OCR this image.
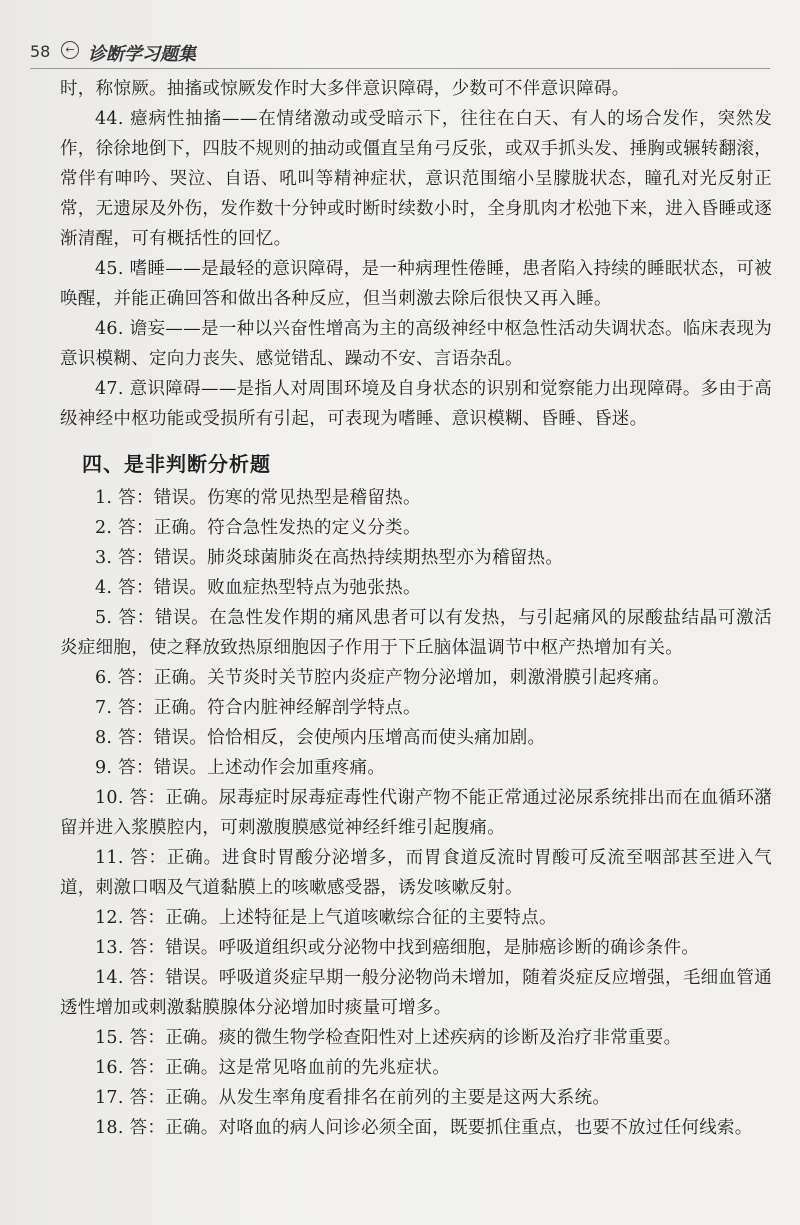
58	← 诊断学习题集

时，称惊厥。抽搐或惊厥发作时大多伴意识障碍，少数可不伴意识障碍。

44. 癔病性抽搐——在情绪激动或受暗示下，往往在白天、有人的场合发作，突然发作，徐徐地倒下，四肢不规则的抽动或僵直呈角弓反张，或双手抓头发、捶胸或辗转翻滚，常伴有呻吟、哭泣、自语、吼叫等精神症状，意识范围缩小呈朦胧状态，瞳孔对光反射正常，无遗尿及外伤，发作数十分钟或时断时续数小时，全身肌肉才松弛下来，进入昏睡或逐渐清醒，可有概括性的回忆。

45. 嗜睡——是最轻的意识障碍，是一种病理性倦睡，患者陷入持续的睡眠状态，可被唤醒，并能正确回答和做出各种反应，但当刺激去除后很快又再入睡。

46. 谵妄——是一种以兴奋性增高为主的高级神经中枢急性活动失调状态。临床表现为意识模糊、定向力丧失、感觉错乱、躁动不安、言语杂乱。

47. 意识障碍——是指人对周围环境及自身状态的识别和觉察能力出现障碍。多由于高级神经中枢功能或受损所有引起，可表现为嗜睡、意识模糊、昏睡、昏迷。

四、是非判断分析题

1. 答：错误。伤寒的常见热型是稽留热。

2. 答：正确。符合急性发热的定义分类。

3. 答：错误。肺炎球菌肺炎在高热持续期热型亦为稽留热。

4. 答：错误。败血症热型特点为弛张热。

5. 答：错误。在急性发作期的痛风患者可以有发热，与引起痛风的尿酸盐结晶可激活炎症细胞，使之释放致热原细胞因子作用于下丘脑体温调节中枢产热增加有关。

6. 答：正确。关节炎时关节腔内炎症产物分泌增加，刺激滑膜引起疼痛。

7. 答：正确。符合内脏神经解剖学特点。

8. 答：错误。恰恰相反，会使颅内压增高而使头痛加剧。

9. 答：错误。上述动作会加重疼痛。

10. 答：正确。尿毒症时尿毒症毒性代谢产物不能正常通过泌尿系统排出而在血循环潴留并进入浆膜腔内，可刺激腹膜感觉神经纤维引起腹痛。

11. 答：正确。进食时胃酸分泌增多，而胃食道反流时胃酸可反流至咽部甚至进入气道，刺激口咽及气道黏膜上的咳嗽感受器，诱发咳嗽反射。

12. 答：正确。上述特征是上气道咳嗽综合征的主要特点。

13. 答：错误。呼吸道组织或分泌物中找到癌细胞，是肺癌诊断的确诊条件。

14. 答：错误。呼吸道炎症早期一般分泌物尚未增加，随着炎症反应增强，毛细血管通透性增加或刺激黏膜腺体分泌增加时痰量可增多。

15. 答：正确。痰的微生物学检查阳性对上述疾病的诊断及治疗非常重要。

16. 答：正确。这是常见咯血前的先兆症状。

17. 答：正确。从发生率角度看排名在前列的主要是这两大系统。

18. 答：正确。对咯血的病人问诊必须全面，既要抓住重点，也要不放过任何线索。
